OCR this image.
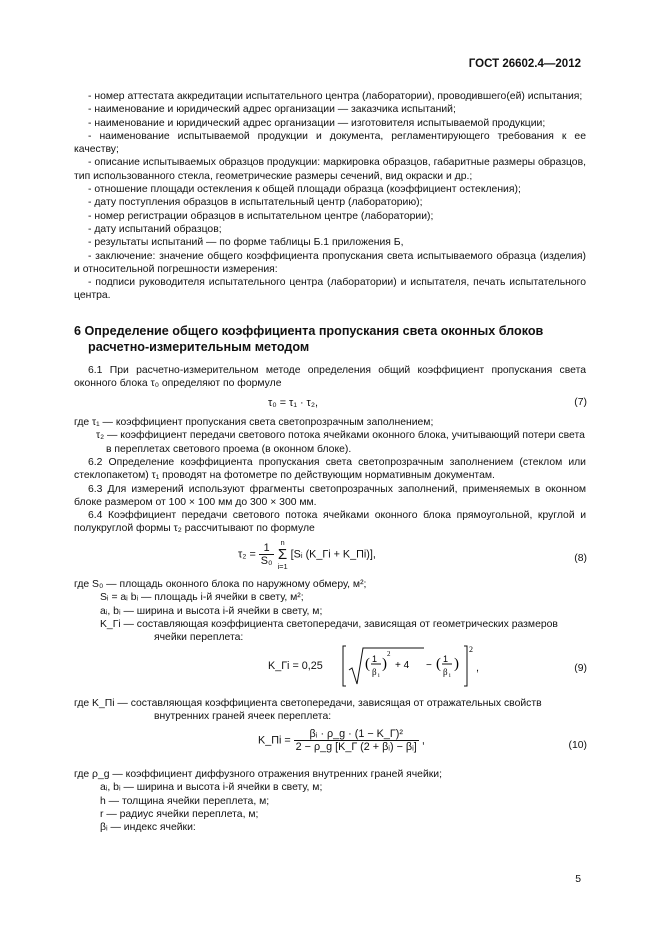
ГОСТ 26602.4—2012

- номер аттестата аккредитации испытательного центра (лаборатории), проводившего(ей) испытания;

- наименование и юридический адрес организации — заказчика испытаний;

- наименование и юридический адрес организации — изготовителя испытываемой продукции;

- наименование испытываемой продукции и документа, регламентирующего требования к ее качеству;

- описание испытываемых образцов продукции: маркировка образцов, габаритные размеры образцов, тип использованного стекла, геометрические размеры сечений, вид окраски и др.;

- отношение площади остекления к общей площади образца (коэффициент остекления);

- дату поступления образцов в испытательный центр (лабораторию);

- номер регистрации образцов в испытательном центре (лаборатории);

- дату испытаний образцов;

- результаты испытаний — по форме таблицы Б.1 приложения Б,

- заключение: значение общего коэффициента пропускания света испытываемого образца (изделия) и относительной погрешности измерения:

- подписи руководителя испытательного центра (лаборатории) и испытателя, печать испытательного центра.

6 Определение общего коэффициента пропускания света оконных блоков
расчетно-измерительным методом

6.1 При расчетно-измерительном методе определения общий коэффициент пропускания света оконного блока τ₀ определяют по формуле

τ₀ = τ₁ · τ₂,	(7)
где τ₁ — коэффициент пропускания света светопрозрачным заполнением;
τ₂ — коэффициент передачи светового потока ячейками оконного блока, учитывающий потери света в переплетах светового проема (в оконном блоке).

6.2 Определение коэффициента пропускания света светопрозрачным заполнением (стеклом или стеклопакетом) τ₁ проводят на фотометре по действующим нормативным документам.

6.3 Для измерений используют фрагменты светопрозрачных заполнений, применяемых в оконном блоке размером от 100 × 100 мм до 300 × 300 мм.

6.4 Коэффициент передачи светового потока ячейками оконного блока прямоугольной, круглой и полукруглой формы τ₂ рассчитывают по формуле

$\tau_2 = \frac{1}{\text{S₀}}$
n
Σ
i=1
[Sᵢ (K_Гi + K_Пi)],	(8)
где S₀ — площадь оконного блока по наружному обмеру, м²;
Sᵢ = aᵢ bᵢ — площадь i-й ячейки в свету, м²;
aᵢ, bᵢ — ширина и высота i-й ячейки в свету, м;
K_Гi — составляющая коэффициента светопередачи, зависящая от геометрических размеров ячейки переплета:
K_Гi = 0,25
2
( 1
β i
)
2
+ 4 − ( 1
β i
) ,	(9)
где K_Пi — составляющая коэффициента светопередачи, зависящая от отражательных свойств внутренних граней ячеек переплета:
K_Пi = $\frac{\text{βᵢ · ρ\_g · (1 − K\_Г)²}}{\text{2 − ρ\_g [K\_Г (2 + βᵢ) − βᵢ]}}$ ,	(10)
где ρ_g — коэффициент диффузного отражения внутренних граней ячейки;
aᵢ, bᵢ — ширина и высота i-й ячейки в свету, м;
h — толщина ячейки переплета, м;
r — радиус ячейки переплета, м;
βᵢ — индекс ячейки:
5
